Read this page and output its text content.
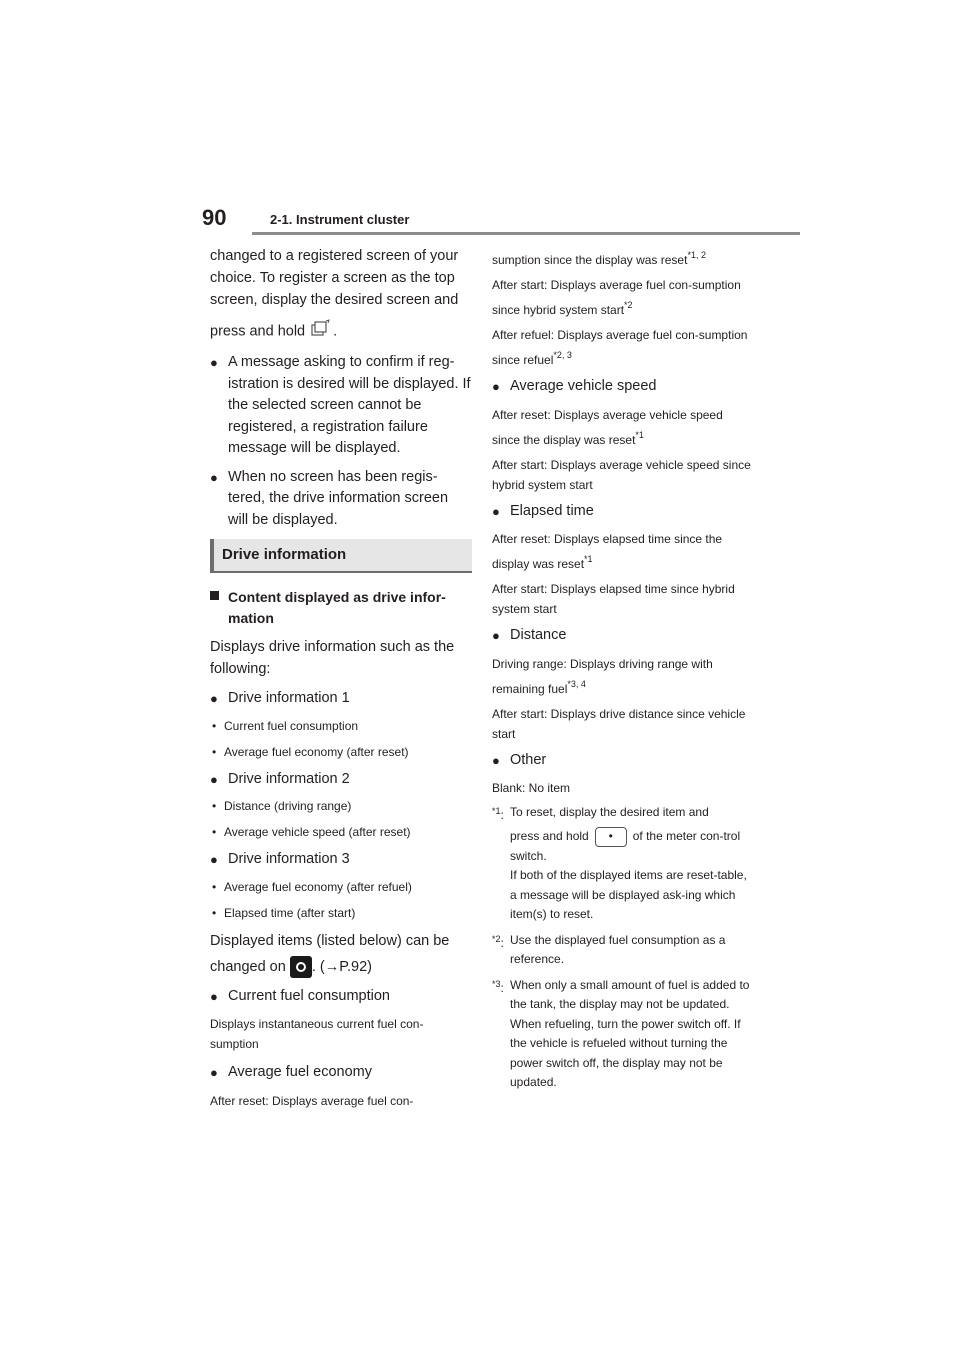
90	2-1. Instrument cluster

changed to a registered screen of your choice. To register a screen as the top screen, display the desired screen and

press and hold .

● A message asking to confirm if reg-istration is desired will be displayed. If the selected screen cannot be registered, a registration failure message will be displayed.
● When no screen has been regis-tered, the drive information screen will be displayed.
Drive information
Content displayed as drive infor-mation

Displays drive information such as the following:

● Drive information 1
• Current fuel consumption
• Average fuel economy (after reset)
● Drive information 2
• Distance (driving range)
• Average vehicle speed (after reset)
● Drive information 3
• Average fuel economy (after refuel)
• Elapsed time (after start)

Displayed items (listed below) can be

changed on . (→P.92)

● Current fuel consumption

Displays instantaneous current fuel con-sumption

● Average fuel economy

After reset: Displays average fuel con-

sumption since the display was reset$^{*1, 2}$

After start: Displays average fuel con-sumption since hybrid system start$^{*2}$

After refuel: Displays average fuel con-sumption since refuel$^{*2, 3}$

● Average vehicle speed

After reset: Displays average vehicle speed since the display was reset$^{*1}$

After start: Displays average vehicle speed since hybrid system start

● Elapsed time

After reset: Displays elapsed time since the display was reset$^{*1}$

After start: Displays elapsed time since hybrid system start

● Distance

Driving range: Displays driving range with remaining fuel$^{*3, 4}$

After start: Displays drive distance since vehicle start

● Other

Blank: No item

$^{*1}$: To reset, display the desired item and
press and hold • of the meter con-trol switch.
If both of the displayed items are reset-table, a message will be displayed ask-ing which item(s) to reset.
$^{*2}$: Use the displayed fuel consumption as a reference.
$^{*3}$: When only a small amount of fuel is added to the tank, the display may not be updated.
When refueling, turn the power switch off. If the vehicle is refueled without turning the power switch off, the display may not be updated.
